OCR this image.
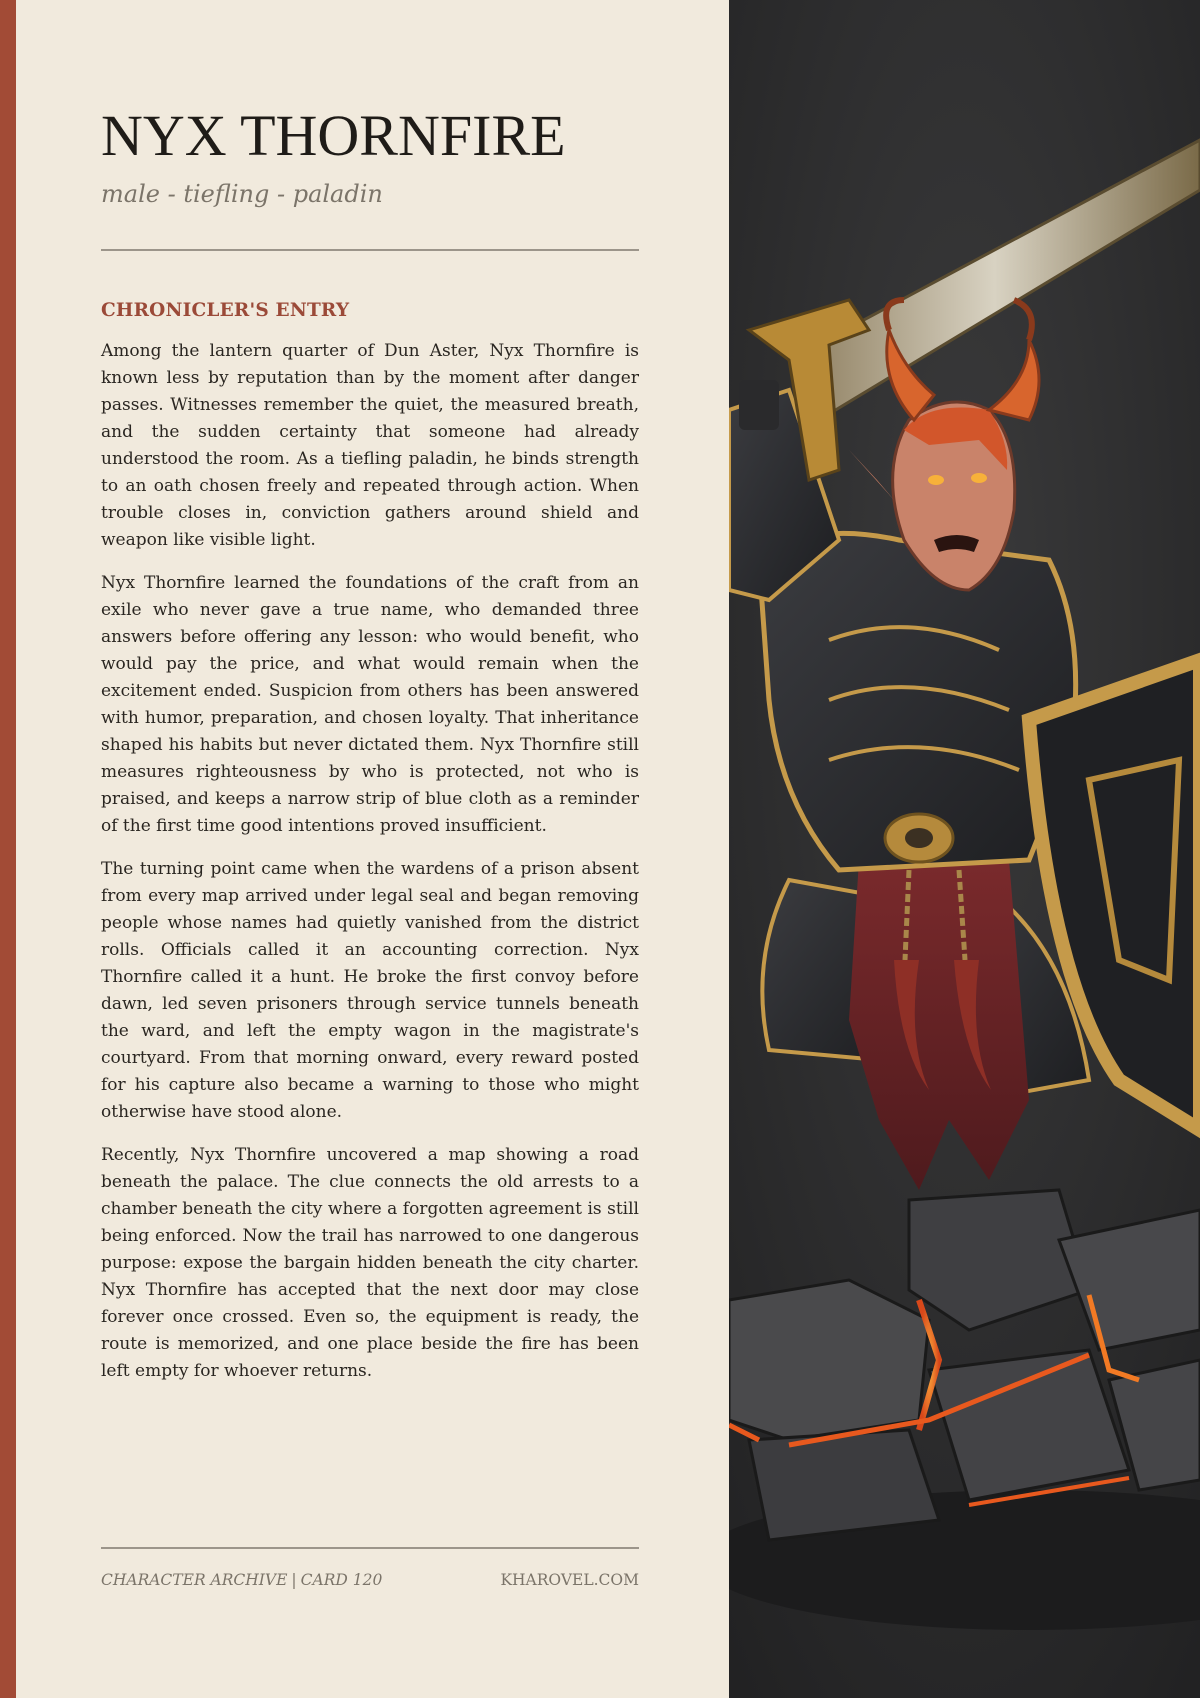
NYX THORNFIRE

male - tiefling - paladin

CHRONICLER'S ENTRY

Among the lantern quarter of Dun Aster, Nyx Thornfire is known less by reputation than by the moment after danger passes. Witnesses remember the quiet, the measured breath, and the sudden certainty that someone had already understood the room. As a tiefling paladin, he binds strength to an oath chosen freely and repeated through action. When trouble closes in, conviction gathers around shield and weapon like visible light.

Nyx Thornfire learned the foundations of the craft from an exile who never gave a true name, who demanded three answers before offering any lesson: who would benefit, who would pay the price, and what would remain when the excitement ended. Suspicion from others has been answered with humor, preparation, and chosen loyalty. That inheritance shaped his habits but never dictated them. Nyx Thornfire still measures righteousness by who is protected, not who is praised, and keeps a narrow strip of blue cloth as a reminder of the first time good intentions proved insufficient.

The turning point came when the wardens of a prison absent from every map arrived under legal seal and began removing people whose names had quietly vanished from the district rolls. Officials called it an accounting correction. Nyx Thornfire called it a hunt. He broke the first convoy before dawn, led seven prisoners through service tunnels beneath the ward, and left the empty wagon in the magistrate's courtyard. From that morning onward, every reward posted for his capture also became a warning to those who might otherwise have stood alone.

Recently, Nyx Thornfire uncovered a map showing a road beneath the palace. The clue connects the old arrests to a chamber beneath the city where a forgotten agreement is still being enforced. Now the trail has narrowed to one dangerous purpose: expose the bargain hidden beneath the city charter. Nyx Thornfire has accepted that the next door may close forever once crossed. Even so, the equipment is ready, the route is memorized, and one place beside the fire has been left empty for whoever returns.

CHARACTER ARCHIVE | CARD 120	KHAROVEL.COM
